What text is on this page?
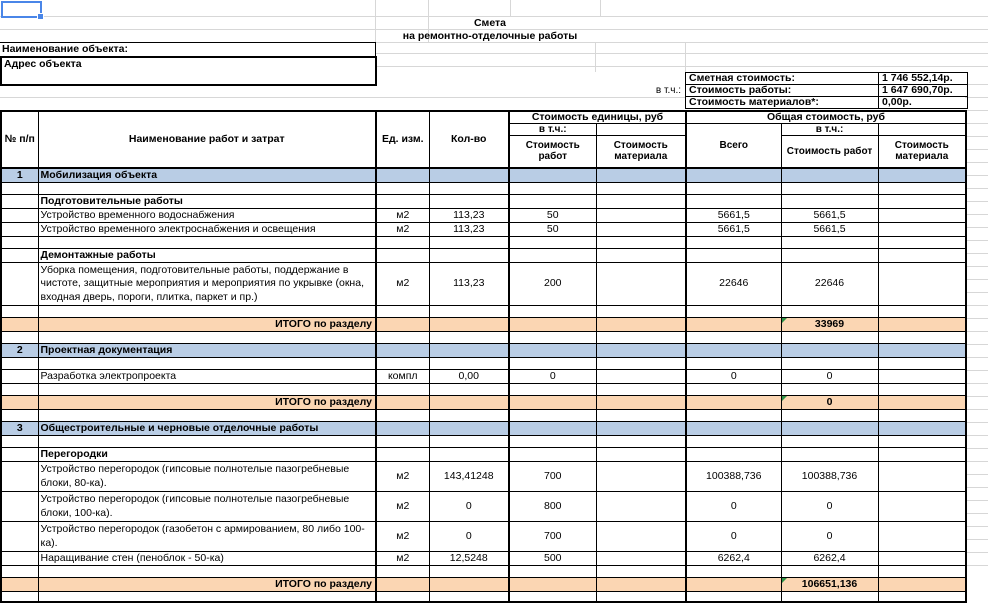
Смета
на ремонтно-отделочные работы
Наименование объекта:
Адрес объекта
в т.ч.:
Сметная стоимость:	1 746 552,14р.
Стоимость работы:	1 647 690,70р.
Стоимость материалов*:	0,00р.
№ п/п	Наименование работ и затрат	Ед. изм.	Кол-во	Стоимость единицы, руб		Общая стоимость, руб		
				в т.ч.:		Всего	в т.ч.:	
				Стоимость работ	Стоимость материала		Стоимость работ	Стоимость материала
1	Мобилизация объекта							

	Подготовительные работы							
	Устройство временного водоснабжения	м2	113,23	50		5661,5	5661,5	
	Устройство временного электроснабжения и освещения	м2	113,23	50		5661,5	5661,5	

	Демонтажные работы							
	Уборка помещения, подготовительные работы, поддержание в чистоте, защитные мероприятия и мероприятия по укрывке (окна, входная дверь, пороги, плитка, паркет и пр.)	м2	113,23	200		22646	22646	

	ИТОГО по разделу						33969	

2	Проектная документация							

	Разработка электропроекта	компл	0,00	0		0	0	

	ИТОГО по разделу						0	

3	Общестроительные и черновые отделочные работы							

	Перегородки							
	Устройство перегородок (гипсовые полнотелые пазогребневые блоки, 80-ка).	м2	143,41248	700		100388,736	100388,736	
	Устройство перегородок (гипсовые полнотелые пазогребневые блоки, 100-ка).	м2	0	800		0	0	
	Устройство перегородок (газобетон с армированием, 80 либо 100-ка).	м2	0	700		0	0	
	Наращивание стен (пеноблок - 50-ка)	м2	12,5248	500		6262,4	6262,4	

	ИТОГО по разделу						106651,136	
